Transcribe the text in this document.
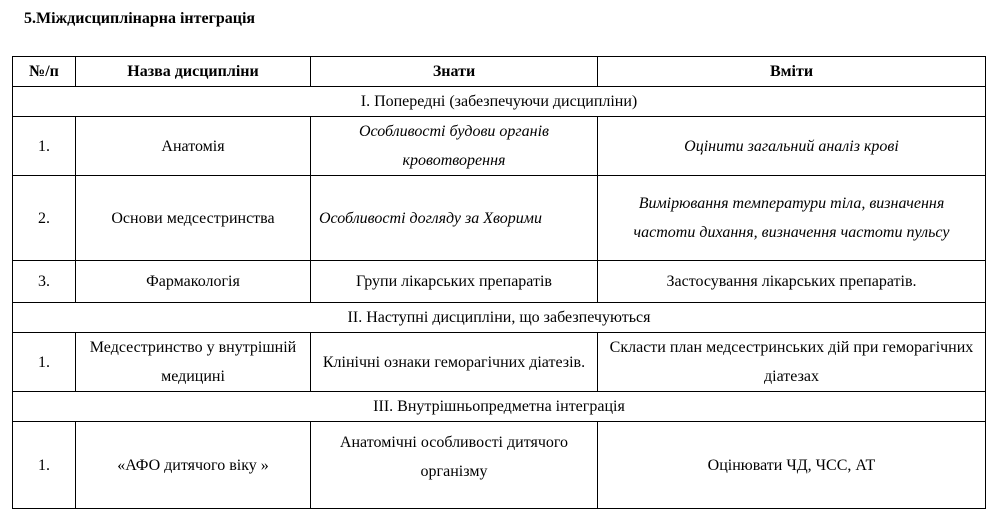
5.Міждисциплінарна інтеграція
№/п	Назва дисципліни	Знати	Вміти
I. Попередні (забезпечуючи дисципліни)			
1.	Анатомія	Особливості будови органів кровотворення	Оцінити загальний аналіз крові
2.	Основи медсестринства	Особливості догляду за Хворими	Вимірювання температури тіла, визначення частоти дихання, визначення частоти пульсу
3.	Фармакологія	Групи лікарських препаратів	Застосування лікарських препаратів.
II. Наступні дисципліни, що забезпечуються			
1.	Медсестринство у внутрішній медицині	Клінічні ознаки геморагічних діатезів.	Скласти план медсестринських дій при геморагічних діатезах
III. Внутрішньопредметна інтеграція			
1.	«АФО дитячого віку »	Анатомічні особливості дитячого організму	Оцінювати ЧД, ЧСС, АТ
